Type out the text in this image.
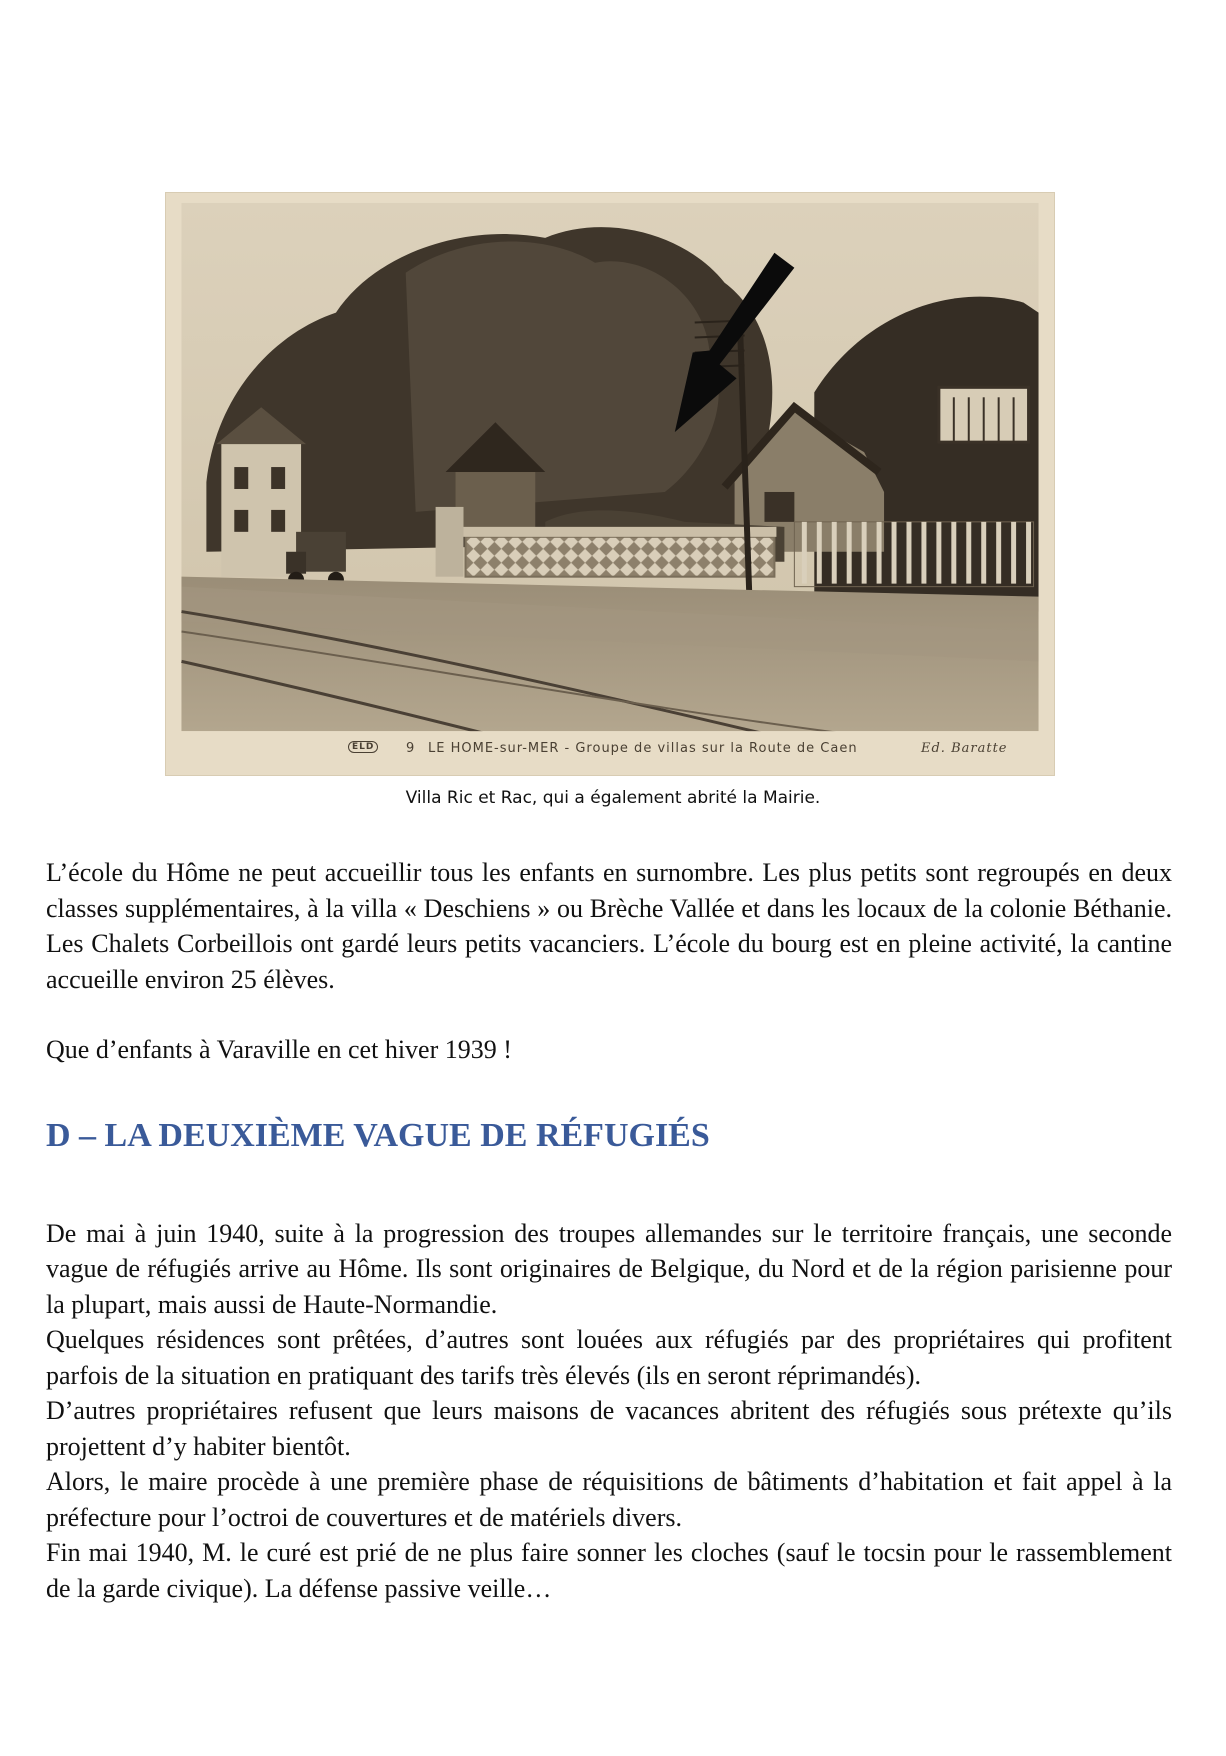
ELD	9 LE HOME-sur-MER - Groupe de villas sur la Route de Caen	Ed. Baratte
Villa Ric et Rac, qui a également abrité la Mairie.

L’école du Hôme ne peut accueillir tous les enfants en surnombre. Les plus petits sont regroupés en deux classes supplémentaires, à la villa « Deschiens » ou Brèche Vallée et dans les locaux de la colonie Béthanie. Les Chalets Corbeillois ont gardé leurs petits vacanciers. L’école du bourg est en pleine activité, la cantine accueille environ 25 élèves.

Que d’enfants à Varaville en cet hiver 1939 !

D – LA DEUXIÈME VAGUE DE RÉFUGIÉS

De mai à juin 1940, suite à la progression des troupes allemandes sur le territoire français, une seconde vague de réfugiés arrive au Hôme. Ils sont originaires de Belgique, du Nord et de la région parisienne pour la plupart, mais aussi de Haute-Normandie.

Quelques résidences sont prêtées, d’autres sont louées aux réfugiés par des propriétaires qui profitent parfois de la situation en pratiquant des tarifs très élevés (ils en seront réprimandés).

D’autres propriétaires refusent que leurs maisons de vacances abritent des réfugiés sous prétexte qu’ils projettent d’y habiter bientôt.

Alors, le maire procède à une première phase de réquisitions de bâtiments d’habitation et fait appel à la préfecture pour l’octroi de couvertures et de matériels divers.

Fin mai 1940, M. le curé est prié de ne plus faire sonner les cloches (sauf le tocsin pour le rassemblement de la garde civique). La défense passive veille…
